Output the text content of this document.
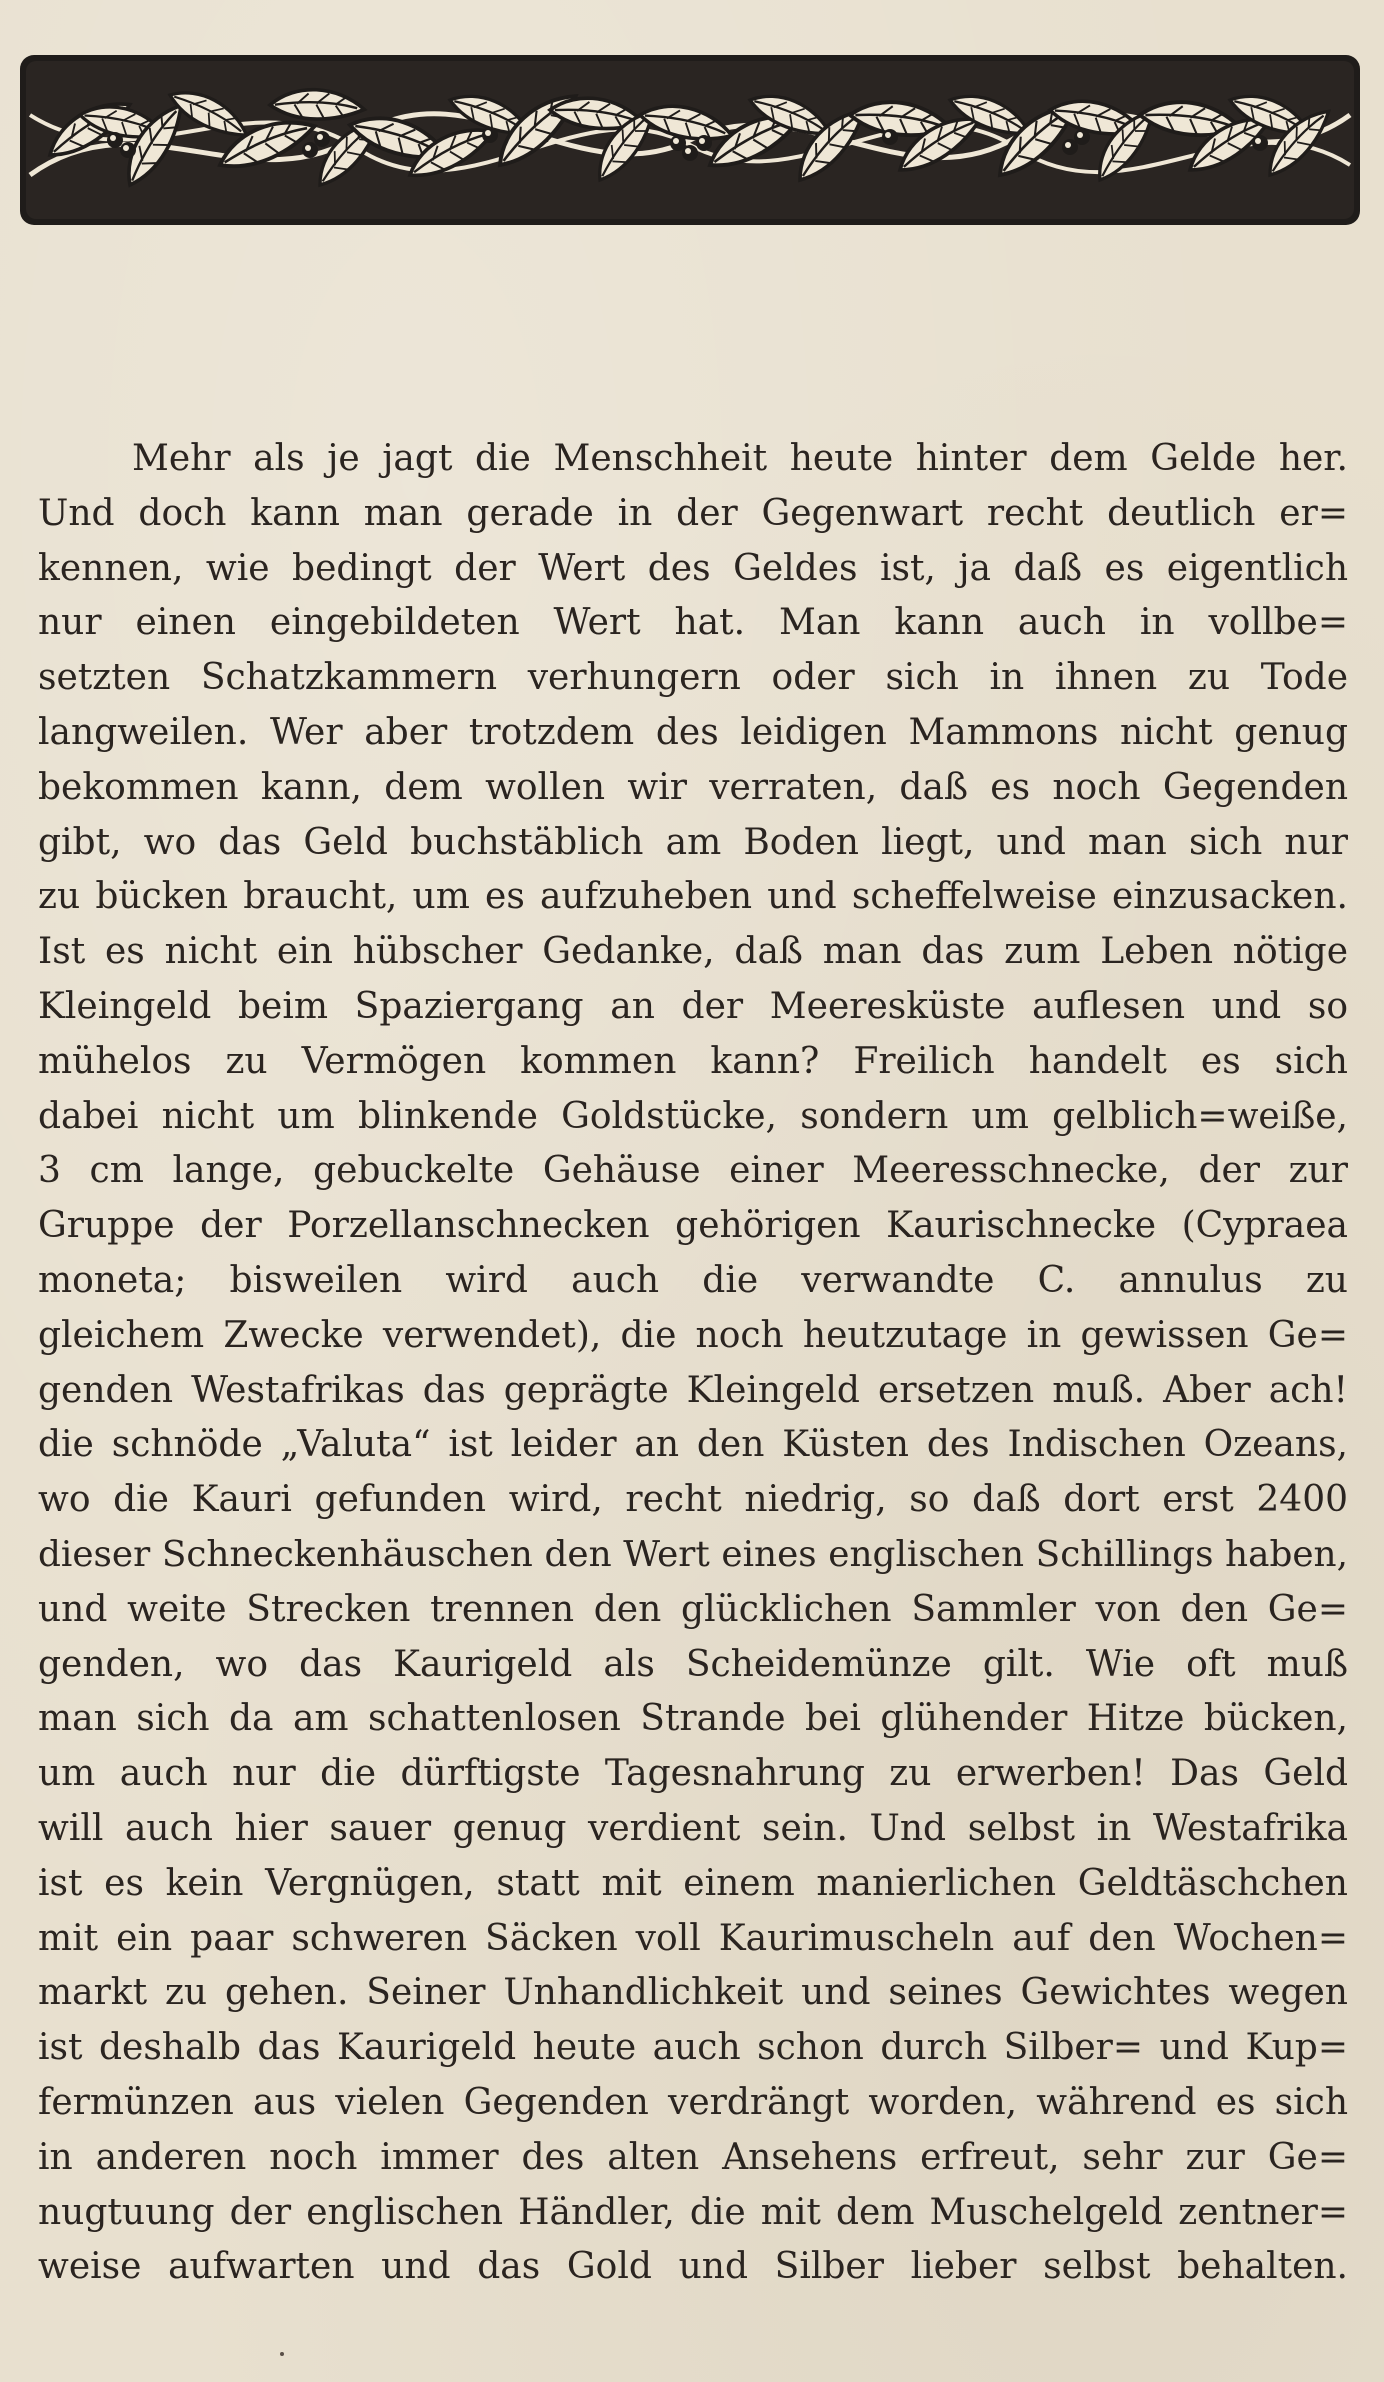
Mehr als je jagt die Menschheit heute hinter dem Gelde her.
Und doch kann man gerade in der Gegenwart recht deutlich er=
kennen, wie bedingt der Wert des Geldes ist, ja daß es eigentlich
nur einen eingebildeten Wert hat. Man kann auch in vollbe=
setzten Schatzkammern verhungern oder sich in ihnen zu Tode
langweilen. Wer aber trotzdem des leidigen Mammons nicht genug
bekommen kann, dem wollen wir verraten, daß es noch Gegenden
gibt, wo das Geld buchstäblich am Boden liegt, und man sich nur
zu bücken braucht, um es aufzuheben und scheffelweise einzusacken.
Ist es nicht ein hübscher Gedanke, daß man das zum Leben nötige
Kleingeld beim Spaziergang an der Meeresküste auflesen und so
mühelos zu Vermögen kommen kann? Freilich handelt es sich
dabei nicht um blinkende Goldstücke, sondern um gelblich=weiße,
3 cm lange, gebuckelte Gehäuse einer Meeresschnecke, der zur
Gruppe der Porzellanschnecken gehörigen Kaurischnecke (Cypraea
moneta; bisweilen wird auch die verwandte C. annulus zu
gleichem Zwecke verwendet), die noch heutzutage in gewissen Ge=
genden Westafrikas das geprägte Kleingeld ersetzen muß. Aber ach!
die schnöde „Valuta“ ist leider an den Küsten des Indischen Ozeans,
wo die Kauri gefunden wird, recht niedrig, so daß dort erst 2400
dieser Schneckenhäuschen den Wert eines englischen Schillings haben,
und weite Strecken trennen den glücklichen Sammler von den Ge=
genden, wo das Kaurigeld als Scheidemünze gilt. Wie oft muß
man sich da am schattenlosen Strande bei glühender Hitze bücken,
um auch nur die dürftigste Tagesnahrung zu erwerben! Das Geld
will auch hier sauer genug verdient sein. Und selbst in Westafrika
ist es kein Vergnügen, statt mit einem manierlichen Geldtäschchen
mit ein paar schweren Säcken voll Kaurimuscheln auf den Wochen=
markt zu gehen. Seiner Unhandlichkeit und seines Gewichtes wegen
ist deshalb das Kaurigeld heute auch schon durch Silber= und Kup=
fermünzen aus vielen Gegenden verdrängt worden, während es sich
in anderen noch immer des alten Ansehens erfreut, sehr zur Ge=
nugtuung der englischen Händler, die mit dem Muschelgeld zentner=
weise aufwarten und das Gold und Silber lieber selbst behalten.
